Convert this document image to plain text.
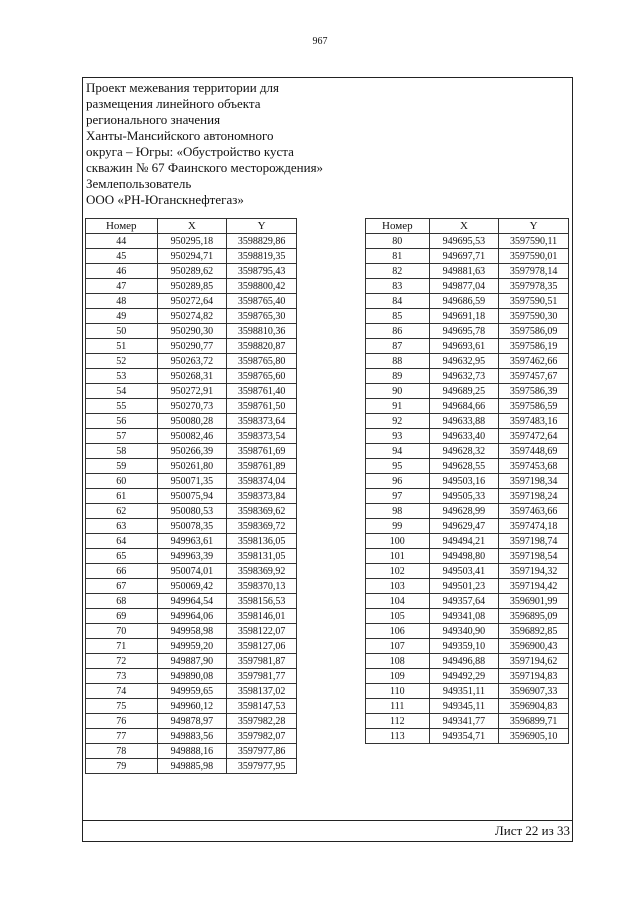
967
Проект межевания территории для
размещения линейного объекта
регионального значения
Ханты-Мансийского автономного
округа – Югры: «Обустройство куста
скважин № 67 Фаинского месторождения»
Землепользователь
ООО «РН-Юганскнефтегаз»
Номер	X	Y
44	950295,18	3598829,86
45	950294,71	3598819,35
46	950289,62	3598795,43
47	950289,85	3598800,42
48	950272,64	3598765,40
49	950274,82	3598765,30
50	950290,30	3598810,36
51	950290,77	3598820,87
52	950263,72	3598765,80
53	950268,31	3598765,60
54	950272,91	3598761,40
55	950270,73	3598761,50
56	950080,28	3598373,64
57	950082,46	3598373,54
58	950266,39	3598761,69
59	950261,80	3598761,89
60	950071,35	3598374,04
61	950075,94	3598373,84
62	950080,53	3598369,62
63	950078,35	3598369,72
64	949963,61	3598136,05
65	949963,39	3598131,05
66	950074,01	3598369,92
67	950069,42	3598370,13
68	949964,54	3598156,53
69	949964,06	3598146,01
70	949958,98	3598122,07
71	949959,20	3598127,06
72	949887,90	3597981,87
73	949890,08	3597981,77
74	949959,65	3598137,02
75	949960,12	3598147,53
76	949878,97	3597982,28
77	949883,56	3597982,07
78	949888,16	3597977,86
79	949885,98	3597977,95
Номер	X	Y
80	949695,53	3597590,11
81	949697,71	3597590,01
82	949881,63	3597978,14
83	949877,04	3597978,35
84	949686,59	3597590,51
85	949691,18	3597590,30
86	949695,78	3597586,09
87	949693,61	3597586,19
88	949632,95	3597462,66
89	949632,73	3597457,67
90	949689,25	3597586,39
91	949684,66	3597586,59
92	949633,88	3597483,16
93	949633,40	3597472,64
94	949628,32	3597448,69
95	949628,55	3597453,68
96	949503,16	3597198,34
97	949505,33	3597198,24
98	949628,99	3597463,66
99	949629,47	3597474,18
100	949494,21	3597198,74
101	949498,80	3597198,54
102	949503,41	3597194,32
103	949501,23	3597194,42
104	949357,64	3596901,99
105	949341,08	3596895,09
106	949340,90	3596892,85
107	949359,10	3596900,43
108	949496,88	3597194,62
109	949492,29	3597194,83
110	949351,11	3596907,33
111	949345,11	3596904,83
112	949341,77	3596899,71
113	949354,71	3596905,10
Лист 22 из 33
